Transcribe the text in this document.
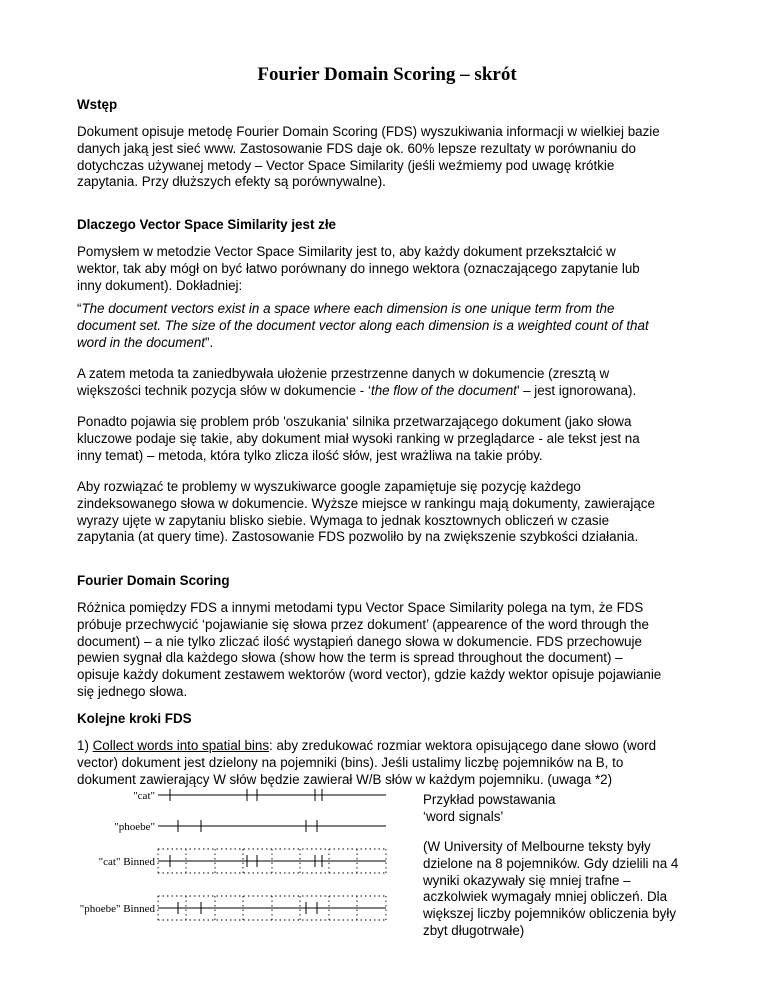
Fourier Domain Scoring – skrót
Wstęp
Dokument opisuje metodę Fourier Domain Scoring (FDS) wyszukiwania informacji w wielkiej bazie
danych jaką jest sieć www. Zastosowanie FDS daje ok. 60% lepsze rezultaty w porównaniu do
dotychczas używanej metody – Vector Space Similarity (jeśli weźmiemy pod uwagę krótkie
zapytania. Przy dłuższych efekty są porównywalne).
Dlaczego Vector Space Similarity jest złe
Pomysłem w metodzie Vector Space Similarity jest to, aby każdy dokument przekształcić w
wektor, tak aby mógł on być łatwo porównany do innego wektora (oznaczającego zapytanie lub
inny dokument). Dokładniej:
“The document vectors exist in a space where each dimension is one unique term from the
document set. The size of the document vector along each dimension is a weighted count of that
word in the document”.
A zatem metoda ta zaniedbywała ułożenie przestrzenne danych w dokumencie (zresztą w
większości technik pozycja słów w dokumencie - ‘the flow of the document’ – jest ignorowana).
Ponadto pojawia się problem prób 'oszukania' silnika przetwarzającego dokument (jako słowa
kluczowe podaje się takie, aby dokument miał wysoki ranking w przeglądarce - ale tekst jest na
inny temat) – metoda, która tylko zlicza ilość słów, jest wrażliwa na takie próby.
Aby rozwiązać te problemy w wyszukiwarce google zapamiętuje się pozycję każdego
zindeksowanego słowa w dokumencie. Wyższe miejsce w rankingu mają dokumenty, zawierające
wyrazy ujęte w zapytaniu blisko siebie. Wymaga to jednak kosztownych obliczeń w czasie
zapytania (at query time). Zastosowanie FDS pozwoliło by na zwiększenie szybkości działania.
Fourier Domain Scoring
Różnica pomiędzy FDS a innymi metodami typu Vector Space Similarity polega na tym, że FDS
próbuje przechwycić ‘pojawianie się słowa przez dokument’ (appearence of the word through the
document) – a nie tylko zliczać ilość wystąpień danego słowa w dokumencie. FDS przechowuje
pewien sygnał dla każdego słowa (show how the term is spread throughout the document) –
opisuje każdy dokument zestawem wektorów (word vector), gdzie każdy wektor opisuje pojawianie
się jednego słowa.
Kolejne kroki FDS
1) Collect words into spatial bins: aby zredukować rozmiar wektora opisującego dane słowo (word
vector) dokument jest dzielony na pojemniki (bins). Jeśli ustalimy liczbę pojemników na B, to
dokument zawierający W słów będzie zawierał W/B słów w każdym pojemniku. (uwaga *2)
Przykład powstawania
‘word signals’
(W University of Melbourne teksty były
dzielone na 8 pojemników. Gdy dzielili na 4
wyniki okazywały się mniej trafne –
aczkolwiek wymagały mniej obliczeń. Dla
większej liczby pojemników obliczenia były
zbyt długotrwałe)
"cat"
"phoebe"
"cat" Binned
"phoebe" Binned
